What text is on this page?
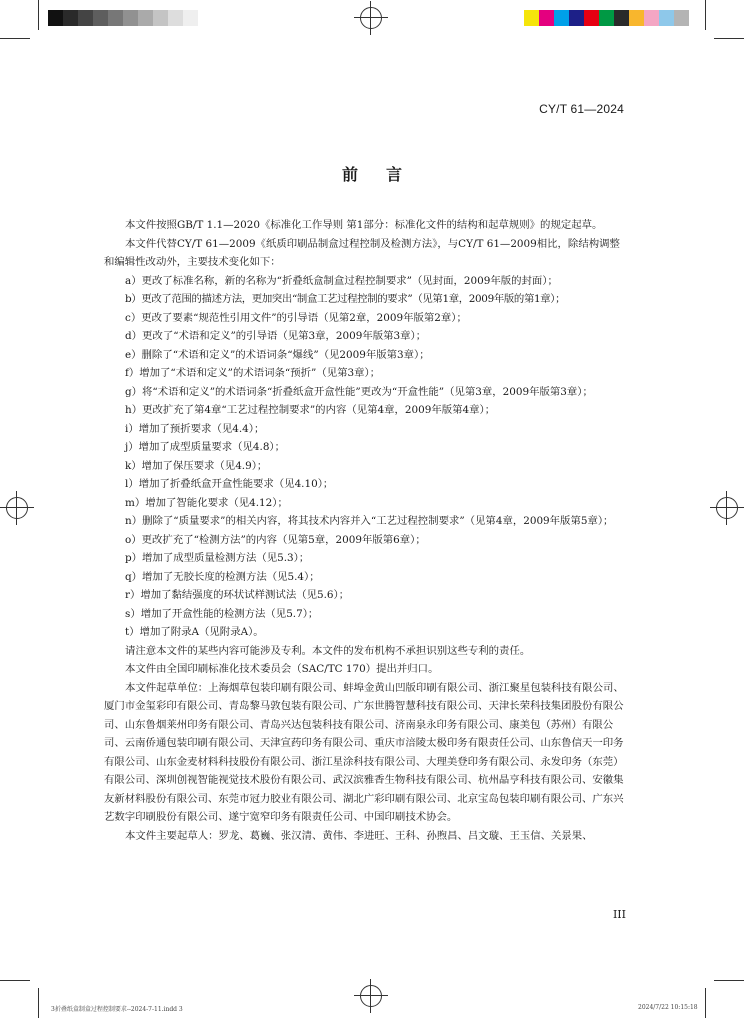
CY/T 61—2024
前言

本文件按照GB/T 1.1—2020《标准化工作导则 第1部分：标准化文件的结构和起草规则》的规定起草。

本文件代替CY/T 61—2009《纸质印刷品制盒过程控制及检测方法》，与CY/T 61—2009相比，除结构调整和编辑性改动外，主要技术变化如下：

a）更改了标准名称，新的名称为“折叠纸盒制盒过程控制要求”（见封面，2009年版的封面）；

b）更改了范围的描述方法，更加突出“制盒工艺过程控制的要求”（见第1章，2009年版的第1章）；

c）更改了要素“规范性引用文件”的引导语（见第2章，2009年版第2章）；

d）更改了“术语和定义”的引导语（见第3章，2009年版第3章）；

e）删除了“术语和定义”的术语词条“爆线”（见2009年版第3章）；

f）增加了“术语和定义”的术语词条“预折”（见第3章）；

g）将“术语和定义”的术语词条“折叠纸盒开盒性能”更改为“开盒性能”（见第3章，2009年版第3章）；

h）更改扩充了第4章“工艺过程控制要求”的内容（见第4章，2009年版第4章）；

i）增加了预折要求（见4.4）；

j）增加了成型质量要求（见4.8）；

k）增加了保压要求（见4.9）；

l）增加了折叠纸盒开盒性能要求（见4.10）；

m）增加了智能化要求（见4.12）；

n）删除了“质量要求”的相关内容，将其技术内容并入“工艺过程控制要求”（见第4章，2009年版第5章）；

o）更改扩充了“检测方法”的内容（见第5章，2009年版第6章）；

p）增加了成型质量检测方法（见5.3）；

q）增加了无胶长度的检测方法（见5.4）；

r）增加了黏结强度的环状试样测试法（见5.6）；

s）增加了开盒性能的检测方法（见5.7）；

t）增加了附录A（见附录A）。

请注意本文件的某些内容可能涉及专利。本文件的发布机构不承担识别这些专利的责任。

本文件由全国印刷标准化技术委员会（SAC/TC 170）提出并归口。

本文件起草单位：上海烟草包装印刷有限公司、蚌埠金黄山凹版印刷有限公司、浙江聚星包装科技有限公司、厦门市金玺彩印有限公司、青岛黎马敦包装有限公司、广东世腾智慧科技有限公司、天津长荣科技集团股份有限公司、山东鲁烟莱州印务有限公司、青岛兴达包装科技有限公司、济南泉永印务有限公司、康美包（苏州）有限公司、云南侨通包装印刷有限公司、天津宣药印务有限公司、重庆市涪陵太极印务有限责任公司、山东鲁信天一印务有限公司、山东金麦材料科技股份有限公司、浙江星涂科技有限公司、大理美登印务有限公司、永发印务（东莞）有限公司、深圳创视智能视觉技术股份有限公司、武汉滨雅香生物科技有限公司、杭州晶亨科技有限公司、安徽集友新材料股份有限公司、东莞市冠力胶业有限公司、湖北广彩印刷有限公司、北京宝岛包装印刷有限公司、广东兴艺数字印刷股份有限公司、遂宁宽窄印务有限责任公司、中国印刷技术协会。

本文件主要起草人：罗龙、葛巍、张汉清、黄伟、李进旺、王科、孙煦昌、吕文璇、王玉信、关景果、

III
3折叠纸盒制盒过程控制要求--2024-7-11.indd 3	2024/7/22 10:15:18
